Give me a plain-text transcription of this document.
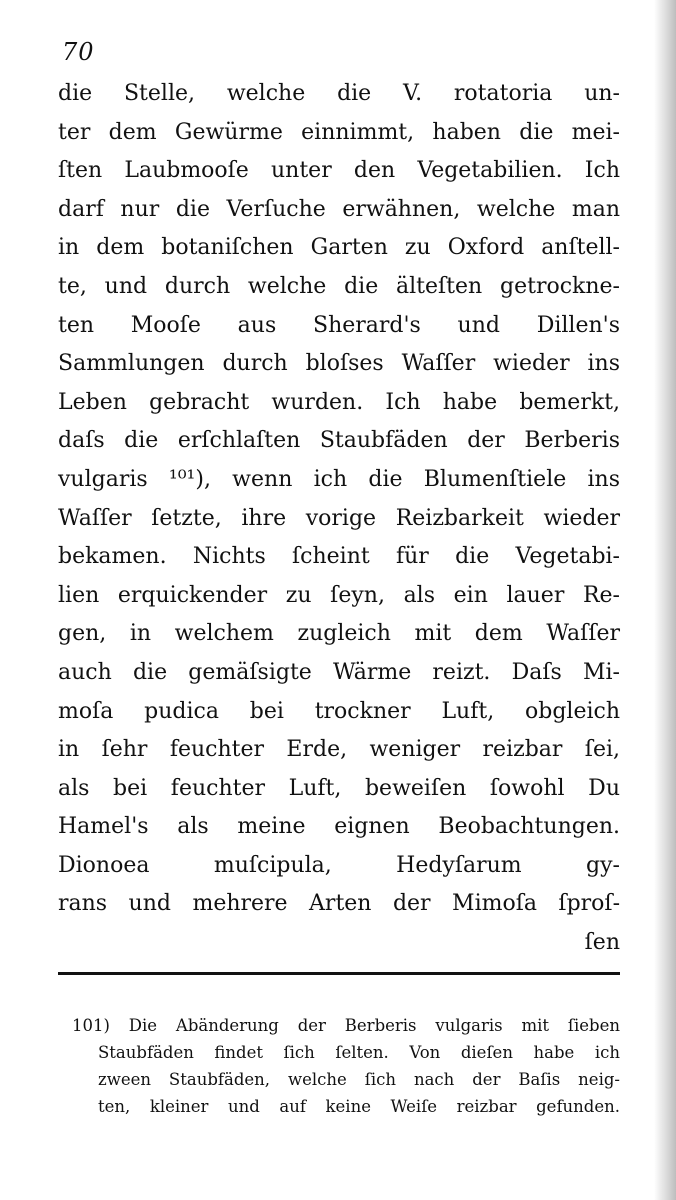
70
die Stelle, welche die V. rotatoria un-
ter dem Gewürme einnimmt, haben die mei-
ſten Laubmooſe unter den Vegetabilien. Ich
darf nur die Verſuche erwähnen, welche man
in dem botaniſchen Garten zu Oxford anſtell-
te, und durch welche die älteſten getrockne-
ten Mooſe aus Sherard's und Dillen's
Sammlungen durch bloſses Waſſer wieder ins
Leben gebracht wurden. Ich habe bemerkt,
daſs die erſchlaſten Staubfäden der Berberis
vulgaris ¹⁰¹), wenn ich die Blumenſtiele ins
Waſſer ſetzte, ihre vorige Reizbarkeit wieder
bekamen. Nichts ſcheint für die Vegetabi-
lien erquickender zu ſeyn, als ein lauer Re-
gen, in welchem zugleich mit dem Waſſer
auch die gemäſsigte Wärme reizt. Daſs Mi-
moſa pudica bei trockner Luft, obgleich
in ſehr feuchter Erde, weniger reizbar ſei,
als bei feuchter Luft, beweiſen ſowohl Du
Hamel's als meine eignen Beobachtungen.
Dionoea muſcipula, Hedyſarum gy-
rans und mehrere Arten der Mimoſa ſproſ-
ſen
101) Die Abänderung der Berberis vulgaris mit ſieben
Staubfäden findet ſich ſelten. Von dieſen habe ich
zween Staubfäden, welche ſich nach der Baſis neig-
ten, kleiner und auf keine Weiſe reizbar gefunden.
